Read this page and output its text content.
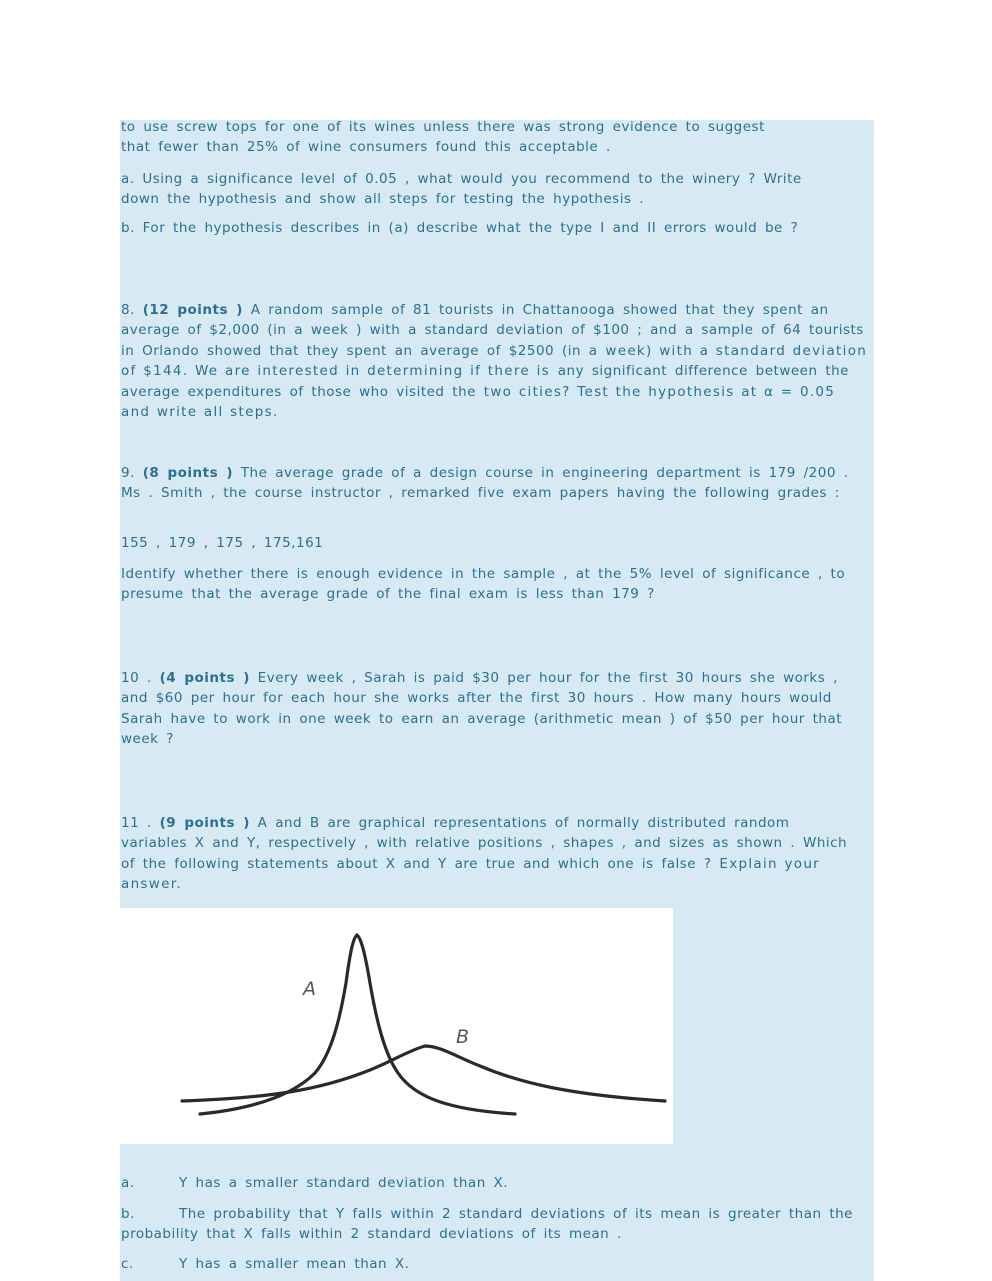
to use screw tops for one of its wines unless there was strong evidence to suggest
that fewer than 25% of wine consumers found this acceptable .
a. Using a significance level of 0.05 , what would you recommend to the winery ? Write down the hypothesis and show all steps for testing the hypothesis .
b. For the hypothesis describes in (a) describe what the type I and II errors would be ?
8. (12 points ) A random sample of 81 tourists in Chattanooga showed that they spent an average of $2,000 (in a week ) with a standard deviation of $100 ; and a sample of 64 tourists in Orlando showed that they spent an average of $2500 (in a week) with a standard deviation of $144. We are interested in determining if there is any significant difference between the average expenditures of those who visited the two cities? Test the hypothesis at α = 0.05 and write all steps.
9. (8 points ) The average grade of a design course in engineering department is 179 /200 . Ms . Smith , the course instructor , remarked five exam papers having the following grades :
155 , 179 , 175 , 175,161
Identify whether there is enough evidence in the sample , at the 5% level of significance , to presume that the average grade of the final exam is less than 179 ?
10 . (4 points ) Every week , Sarah is paid $30 per hour for the first 30 hours she works , and $60 per hour for each hour she works after the first 30 hours . How many hours would Sarah have to work in one week to earn an average (arithmetic mean ) of $50 per hour that week ?
11 . (9 points ) A and B are graphical representations of normally distributed random variables X and Y, respectively , with relative positions , shapes , and sizes as shown . Which of the following statements about X and Y are true and which one is false ? Explain your answer.
A
B
a.	Y has a smaller standard deviation than X.
b.	The probability that Y falls within 2 standard deviations of its mean is greater than the probability that X falls within 2 standard deviations of its mean .
c.	Y has a smaller mean than X.
